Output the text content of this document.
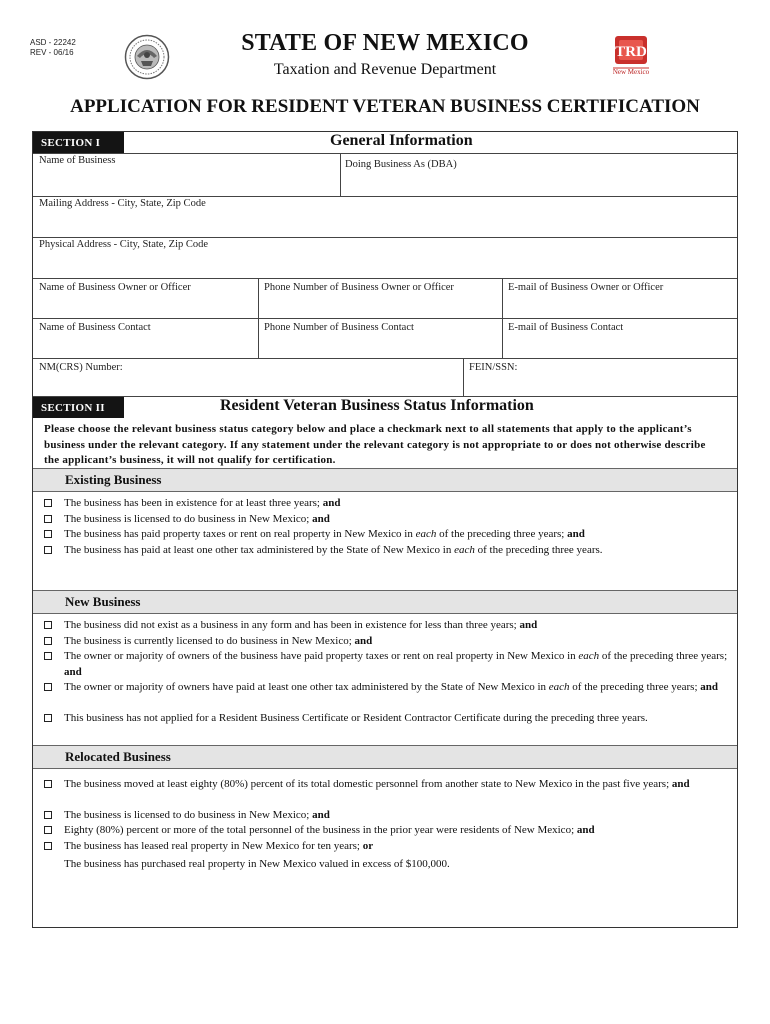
ASD - 22242
REV - 06/16	STATE OF NEW MEXICO
Taxation and Revenue Department
TRD
New Mexico
APPLICATION FOR RESIDENT VETERAN BUSINESS CERTIFICATION
SECTION I	General Information
Name of Business	Doing Business As (DBA)
Mailing Address - City, State, Zip Code
Physical Address - City, State, Zip Code
Name of Business Owner or Officer	Phone Number of Business Owner or Officer	E-mail of Business Owner or Officer
Name of Business Contact	Phone Number of Business Contact	E-mail of Business Contact
NM(CRS) Number:	FEIN/SSN:
SECTION II	Resident Veteran Business Status Information
Please choose the relevant business status category below and place a checkmark next to all statements that apply to the applicant’s business under the relevant category. If any statement under the relevant category is not appropriate to or does not otherwise describe the applicant’s business, it will not qualify for certification.
Existing Business
The business has been in existence for at least three years; and
The business is licensed to do business in New Mexico; and
The business has paid property taxes or rent on real property in New Mexico in each of the preceding three years; and
The business has paid at least one other tax administered by the State of New Mexico in each of the preceding three years.
New Business
The business did not exist as a business in any form and has been in existence for less than three years; and
The business is currently licensed to do business in New Mexico; and
The owner or majority of owners of the business have paid property taxes or rent on real property in New Mexico in each of the preceding three years; and
The owner or majority of owners have paid at least one other tax administered by the State of New Mexico in each of the preceding three years; and
This business has not applied for a Resident Business Certificate or Resident Contractor Certificate during the preceding three years.
Relocated Business
The business moved at least eighty (80%) percent of its total domestic personnel from another state to New Mexico in the past five years; and
The business is licensed to do business in New Mexico; and
Eighty (80%) percent or more of the total personnel of the business in the prior year were residents of New Mexico; and
The business has leased real property in New Mexico for ten years; or
The business has purchased real property in New Mexico valued in excess of $100,000.
